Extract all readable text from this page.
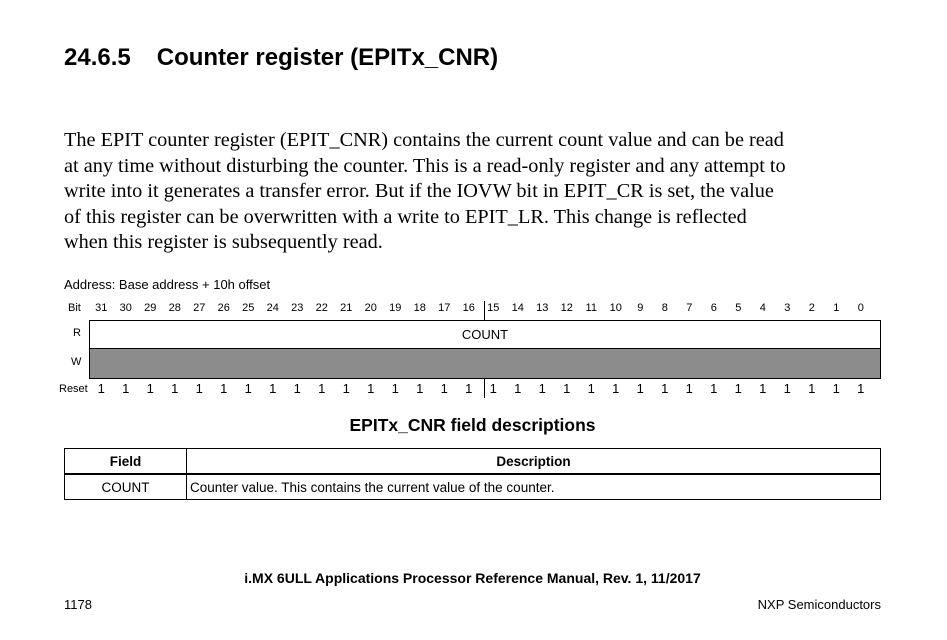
24.6.5 Counter register (EPITx_CNR)
The EPIT counter register (EPIT_CNR) contains the current count value and can be read
at any time without disturbing the counter. This is a read-only register and any attempt to
write into it generates a transfer error. But if the IOVW bit in EPIT_CR is set, the value
of this register can be overwritten with a write to EPIT_LR. This change is reflected
when this register is subsequently read.
Address: Base address + 10h offset
Bit	31	30	29	28	27	26	25	24	23	22	21	20	19	18	17	16	15	14	13	12	11	10	9	8	7	6	5	4	3	2	1	0
R	COUNT
W
Reset 1	1	1	1	1	1	1	1	1	1	1	1	1	1	1	1	1	1	1	1	1	1	1	1	1	1	1	1	1	1	1	1
EPITx_CNR field descriptions
Field	Description
COUNT	Counter value. This contains the current value of the counter.
i.MX 6ULL Applications Processor Reference Manual, Rev. 1, 11/2017
1178	NXP Semiconductors
